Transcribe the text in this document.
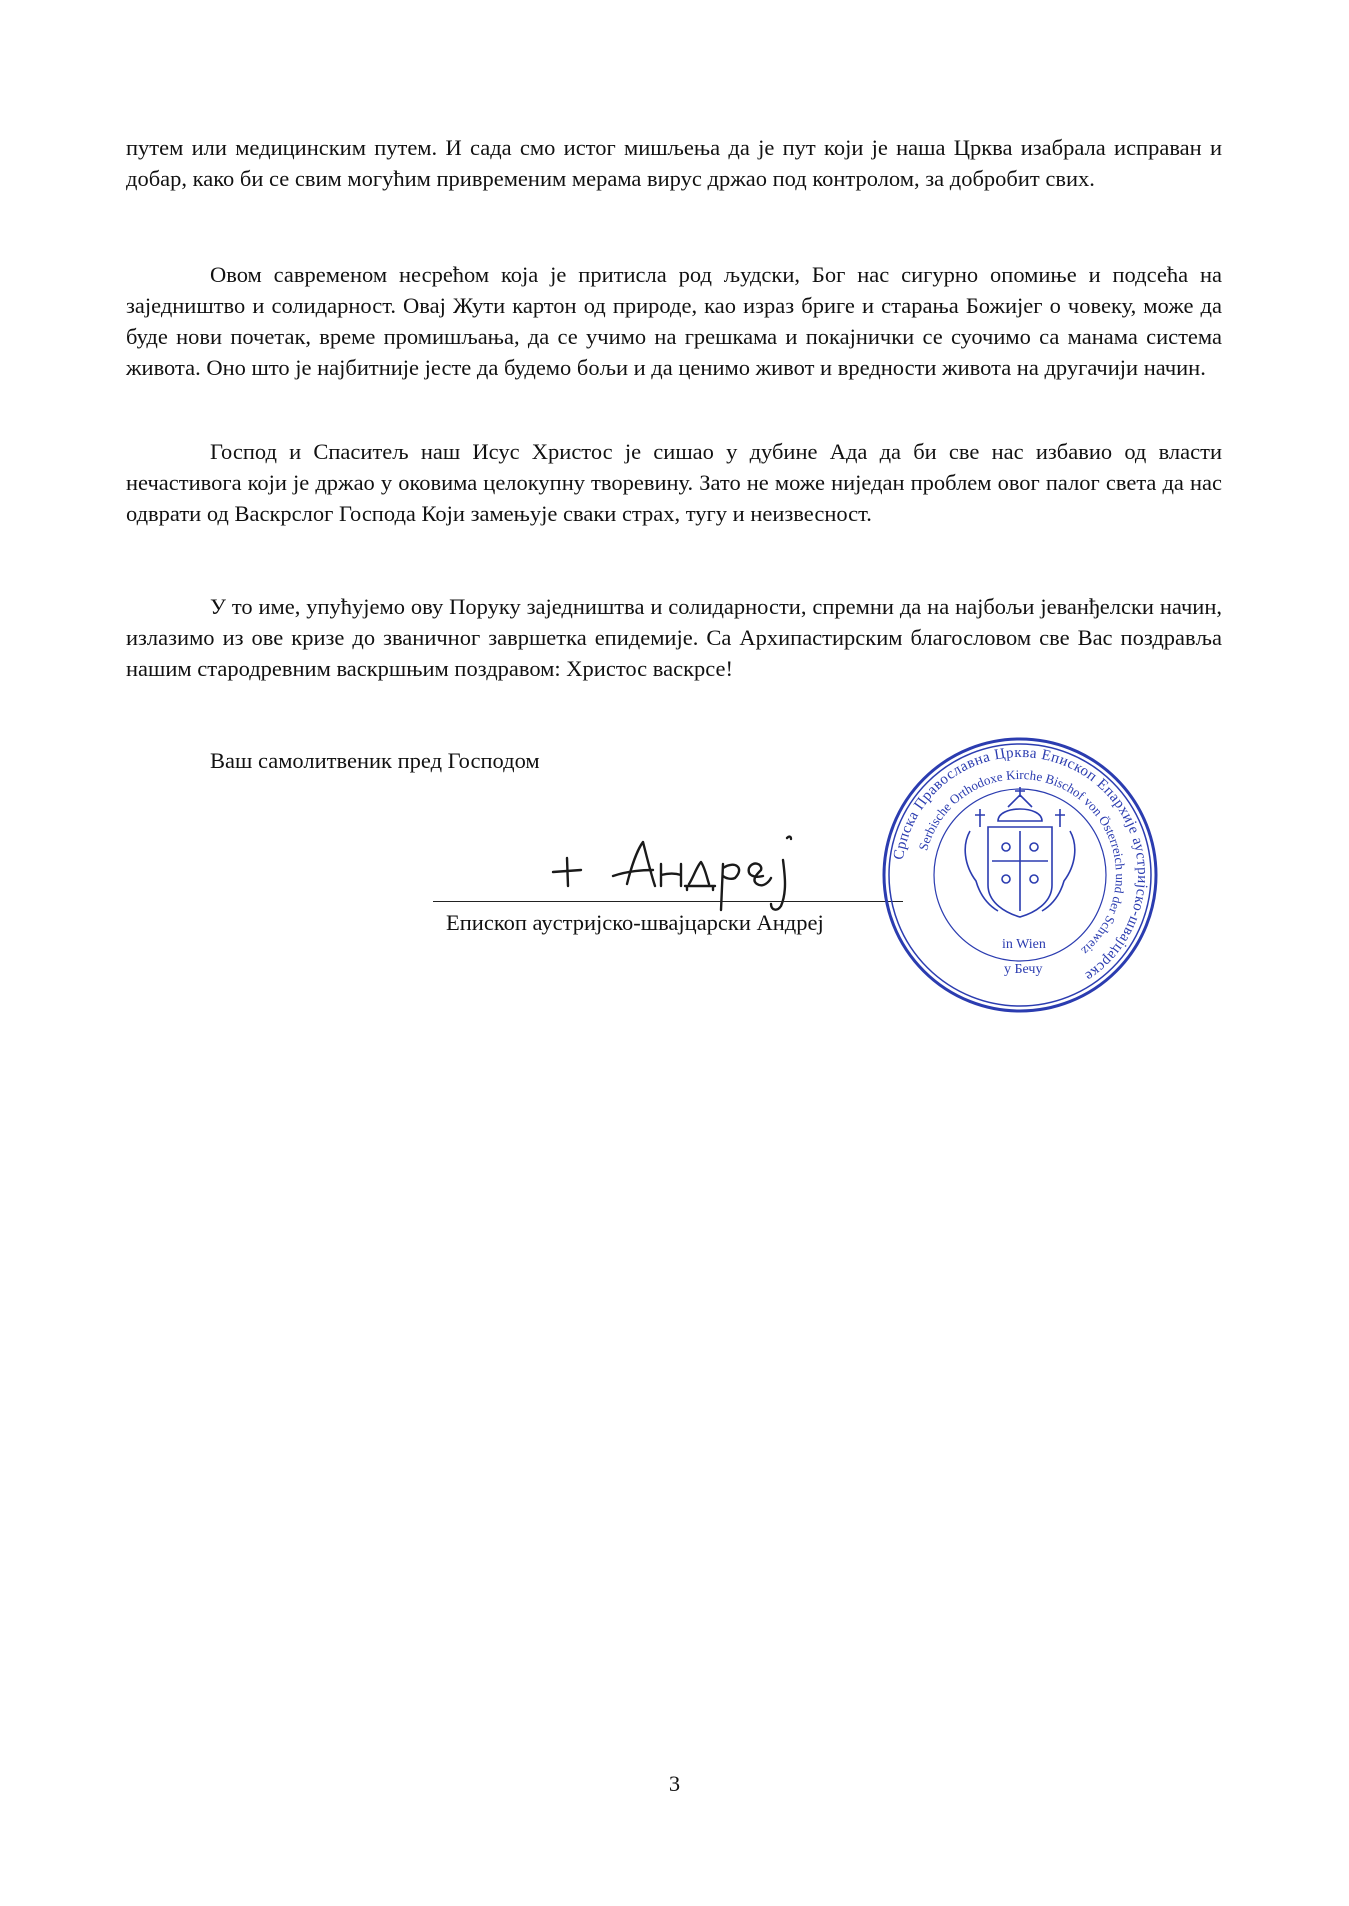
путем или медицинским путем. И сада смо истог мишљења да је пут који је наша Црква изабрала исправан и добар, како би се свим могућим привременим мерама вирус држао под контролом, за добробит свих.

Овом савременом несрећом која је притисла род људски, Бог нас сигурно опомиње и подсећа на заједништво и солидарност. Овај Жути картон од природе, као израз бриге и старања Божијег о човеку, може да буде нови почетак, време промишљања, да се учимо на грешкама и покајнички се суочимо са манама система живота. Оно што је најбитније јесте да будемо бољи и да ценимо живот и вредности живота на другачији начин.

Господ и Спаситељ наш Исус Христос је сишао у дубине Ада да би све нас избавио од власти нечастивога који је држао у оковима целокупну творевину. Зато не може ниједан проблем овог палог света да нас одврати од Васкрслог Господа Који замењује сваки страх, тугу и неизвесност.

У то име, упућујемо ову Поруку заједништва и солидарности, спремни да на најбољи јеванђелски начин, излазимо из ове кризе до званичног завршетка епидемије. Са Архипастирским благословом све Вас поздравља нашим стародревним васкршњим поздравом: Христос васкрсе!

Ваш самолитвеник пред Господом
Епископ аустријско-швајцарски Андреј
Српска Православна Црква Епископ Епархије аустријско-швајцарске
Serbische Orthodoxe Kirche Bischof von Österreich und der Schweiz
in Wien
у Бечу
3
